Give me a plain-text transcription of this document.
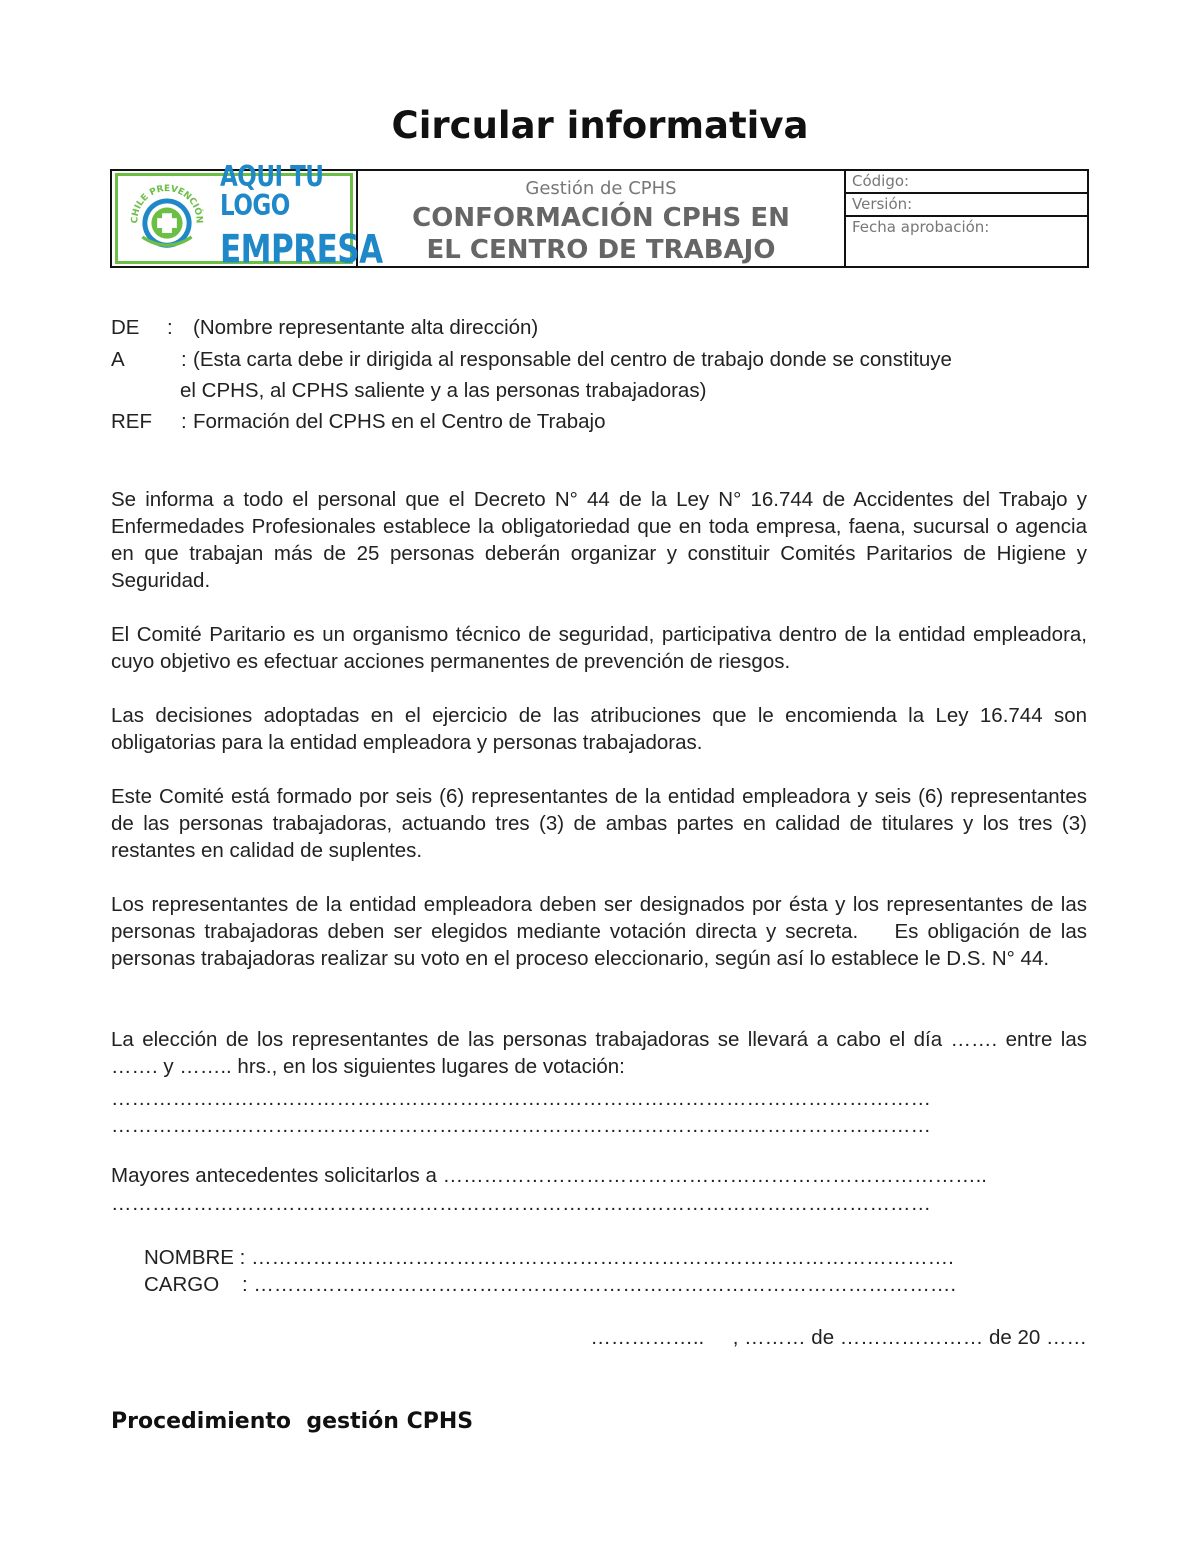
Circular informativa
CHILE PREVENCIÓN
AQUI TU LOGO
EMPRESA
Gestión de CPHS
CONFORMACIÓN CPHS EN
EL CENTRO DE TRABAJO
Código:
Versión:
Fecha aprobación:
DE : (Nombre representante alta dirección)
A	: (Esta carta debe ir dirigida al responsable del centro de trabajo donde se constituye
el CPHS, al CPHS saliente y a las personas trabajadoras)
REF : Formación del CPHS en el Centro de Trabajo

Se informa a todo el personal que el Decreto N° 44 de la Ley N° 16.744 de Accidentes del Trabajo y Enfermedades Profesionales establece la obligatoriedad que en toda empresa, faena, sucursal o agencia en que trabajan más de 25 personas deberán organizar y constituir Comités Paritarios de Higiene y Seguridad.

El Comité Paritario es un organismo técnico de seguridad, participativa dentro de la entidad empleadora, cuyo objetivo es efectuar acciones permanentes de prevención de riesgos.

Las decisiones adoptadas en el ejercicio de las atribuciones que le encomienda la Ley 16.744 son obligatorias para la entidad empleadora y personas trabajadoras.

Este Comité está formado por seis (6) representantes de la entidad empleadora y seis (6) representantes de las personas trabajadoras, actuando tres (3) de ambas partes en calidad de titulares y los tres (3) restantes en calidad de suplentes.

Los representantes de la entidad empleadora deben ser designados por ésta y los representantes de las personas trabajadoras deben ser elegidos mediante votación directa y secreta.    Es obligación de las personas trabajadoras realizar su voto en el proceso eleccionario, según así lo establece le D.S. N° 44.

La elección de los representantes de las personas trabajadoras se llevará a cabo el día ……. entre las ……. y …….. hrs., en los siguientes lugares de votación:

…………………………………………………………………………………………………………
…………………………………………………………………………………………………………
Mayores antecedentes solicitarlos a ……………………………………………………………………..
…………………………………………………………………………………………………………
NOMBRE : ………………………………………………………………………………………….
CARGO    : ………………………………………………………………………………………….
……………..     , ……… de ………………… de 20 ……
Procedimiento  gestión CPHS
